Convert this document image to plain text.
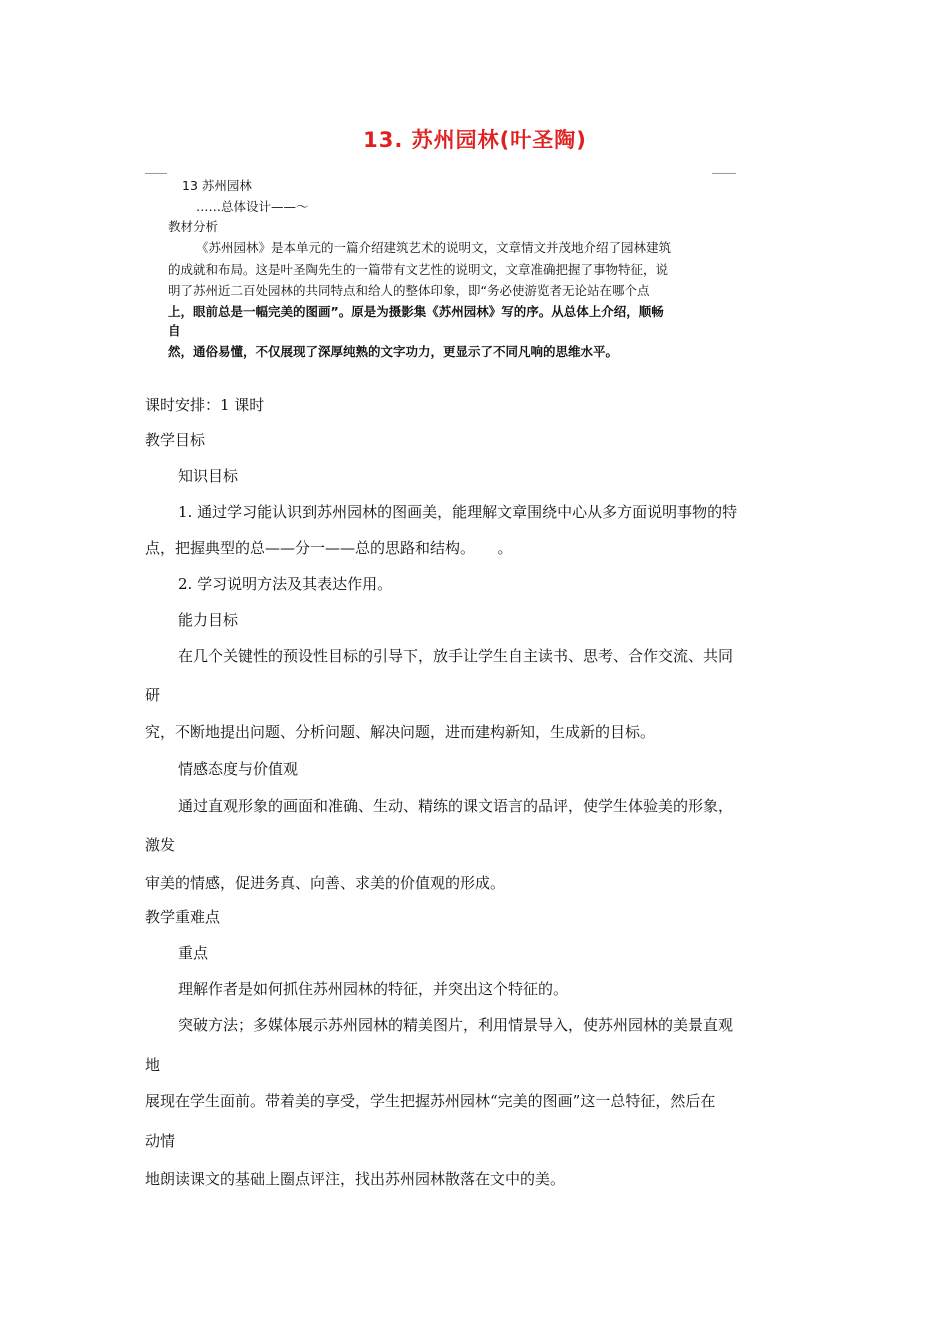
13. 苏州园林(叶圣陶)
13 苏州园林
……总体设计——～
教材分析
《苏州园林》是本单元的一篇介绍建筑艺术的说明文，文章情文并茂地介绍了园林建筑
的成就和布局。这是叶圣陶先生的一篇带有文艺性的说明文，文章准确把握了事物特征，说
明了苏州近二百处园林的共同特点和给人的整体印象，即“务必使游览者无论站在哪个点
上，眼前总是一幅完美的图画”。原是为摄影集《苏州园林》写的序。从总体上介绍，顺畅
自
然，通俗易懂，不仅展现了深厚纯熟的文字功力，更显示了不同凡响的思维水平。
课时安排：1 课时
教学目标
知识目标
1. 通过学习能认识到苏州园林的图画美，能理解文章围绕中心从多方面说明事物的特
点，把握典型的总——分一——总的思路和结构。　　。
2. 学习说明方法及其表达作用。
能力目标
在几个关键性的预设性目标的引导下，放手让学生自主读书、思考、合作交流、共同
研
究，不断地提出问题、分析问题、解决问题，进而建构新知，生成新的目标。
情感态度与价值观
通过直观形象的画面和准确、生动、精练的课文语言的品评，使学生体验美的形象，
激发
审美的情感，促进务真、向善、求美的价值观的形成。
教学重难点
重点
理解作者是如何抓住苏州园林的特征，并突出这个特征的。
突破方法；多媒体展示苏州园林的精美图片，利用情景导入，使苏州园林的美景直观
地
展现在学生面前。带着美的享受，学生把握苏州园林“完美的图画”这一总特征，然后在
动情
地朗读课文的基础上圈点评注，找出苏州园林散落在文中的美。
